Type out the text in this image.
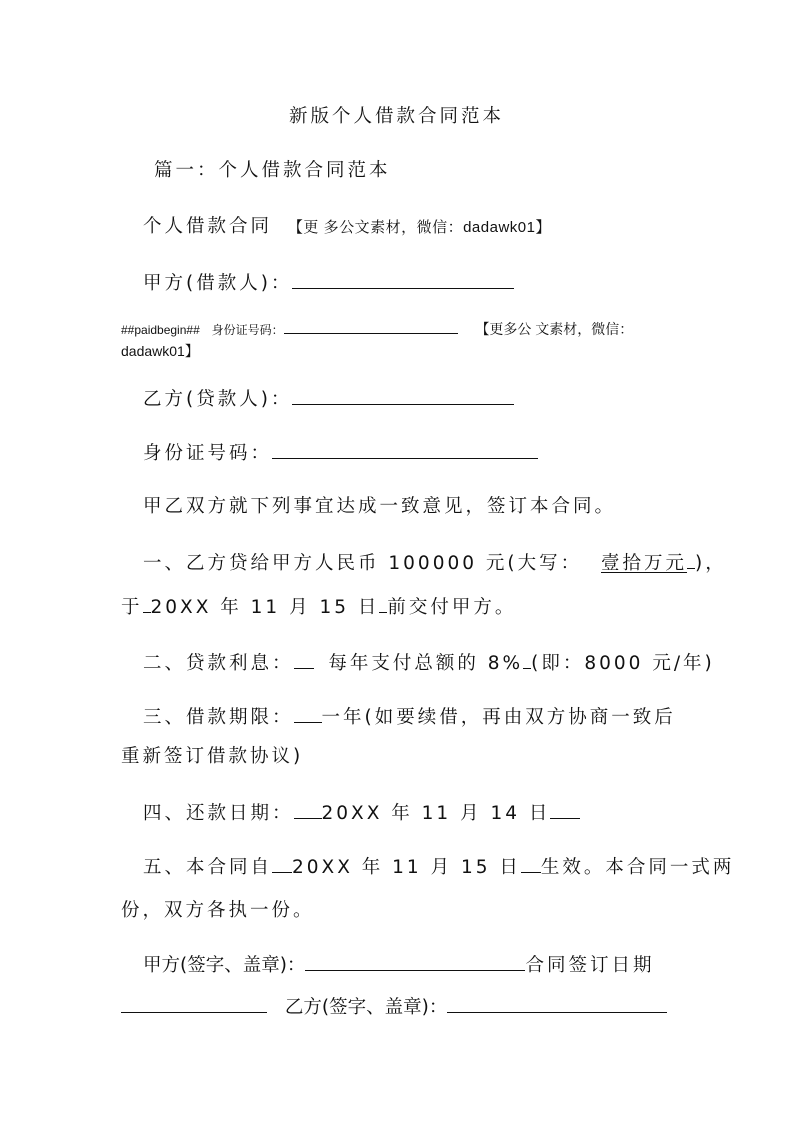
新版个人借款合同范本
篇一：个人借款合同范本
个人借款合同 【更 多公文素材，微信：dadawk01】
甲方(借款人)：
##paidbegin## 身份证号码：	【更多公 文素材，微信：
dadawk01】
乙方(贷款人)：
身份证号码：
甲乙双方就下列事宜达成一致意见，签订本合同。
一、乙方贷给甲方人民币 100000 元(大写： 壹拾万元 )，
于 20XX 年 11 月 15 日 前交付甲方。
二、贷款利息： 每年支付总额的 8% (即：8000 元/年)
三、借款期限： 一年(如要续借，再由双方协商一致后
重新签订借款协议)
四、还款日期： 20XX 年 11 月 14 日
五、本合同自 20XX 年 11 月 15 日 生效。本合同一式两
份，双方各执一份。
甲方(签字、盖章)：	合同签订日期
乙方(签字、盖章)：
